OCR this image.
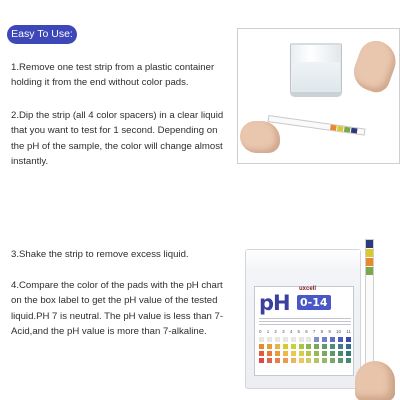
Easy To Use:

1.Remove one test strip from a plastic container holding it from the end without color pads.

2.Dip the strip (all 4 color spacers) in a clear liquid that you want to test for 1 second. Depending on the pH of the sample, the color will change almost instantly.

3.Shake the strip to remove excess liquid.

4.Compare the color of the pads with the pH chart on the box label to get the pH value of the tested liquid.PH 7 is neutral. The pH value is less than 7-Acid,and the pH value is more than 7-alkaline.

uxcell
pH 0-14
0 1 2 3 4 5 6 7 8 9 10 11
